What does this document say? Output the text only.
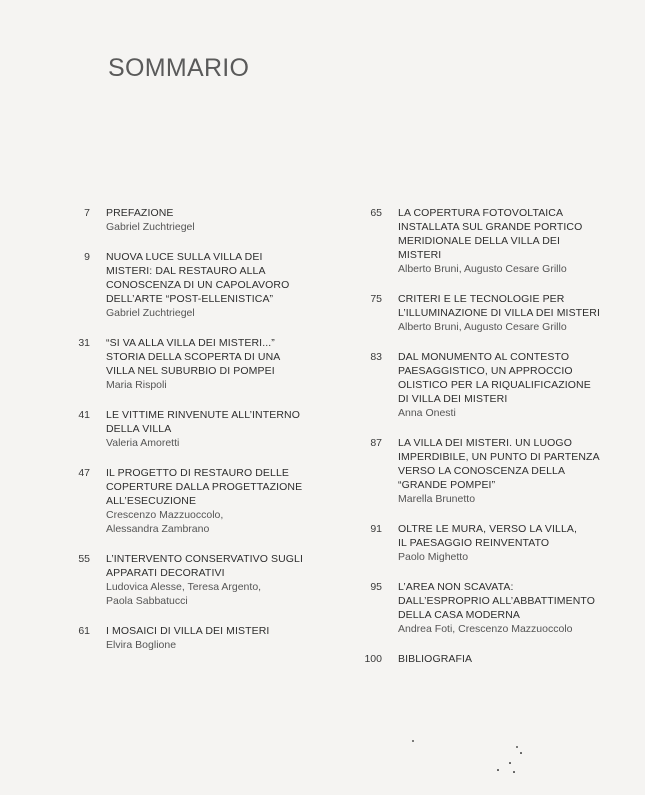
SOMMARIO
7 PREFAZIONE
Gabriel Zuchtriegel
9 NUOVA LUCE SULLA VILLA DEI
MISTERI: DAL RESTAURO ALLA
CONOSCENZA DI UN CAPOLAVORO
DELL’ARTE “POST-ELLENISTICA”
Gabriel Zuchtriegel
31 “SI VA ALLA VILLA DEI MISTERI...”
STORIA DELLA SCOPERTA DI UNA
VILLA NEL SUBURBIO DI POMPEI
Maria Rispoli
41 LE VITTIME RINVENUTE ALL’INTERNO
DELLA VILLA
Valeria Amoretti
47 IL PROGETTO DI RESTAURO DELLE
COPERTURE DALLA PROGETTAZIONE
ALL’ESECUZIONE
Crescenzo Mazzuoccolo,
Alessandra Zambrano
55 L’INTERVENTO CONSERVATIVO SUGLI
APPARATI DECORATIVI
Ludovica Alesse, Teresa Argento,
Paola Sabbatucci
61 I MOSAICI DI VILLA DEI MISTERI
Elvira Boglione
65 LA COPERTURA FOTOVOLTAICA
INSTALLATA SUL GRANDE PORTICO
MERIDIONALE DELLA VILLA DEI
MISTERI
Alberto Bruni, Augusto Cesare Grillo
75 CRITERI E LE TECNOLOGIE PER
L’ILLUMINAZIONE DI VILLA DEI MISTERI
Alberto Bruni, Augusto Cesare Grillo
83 DAL MONUMENTO AL CONTESTO
PAESAGGISTICO, UN APPROCCIO
OLISTICO PER LA RIQUALIFICAZIONE
DI VILLA DEI MISTERI
Anna Onesti
87 LA VILLA DEI MISTERI. UN LUOGO
IMPERDIBILE, UN PUNTO DI PARTENZA
VERSO LA CONOSCENZA DELLA
“GRANDE POMPEI”
Marella Brunetto
91 OLTRE LE MURA, VERSO LA VILLA,
IL PAESAGGIO REINVENTATO
Paolo Mighetto
95 L’AREA NON SCAVATA:
DALL’ESPROPRIO ALL’ABBATTIMENTO
DELLA CASA MODERNA
Andrea Foti, Crescenzo Mazzuoccolo
100 BIBLIOGRAFIA
